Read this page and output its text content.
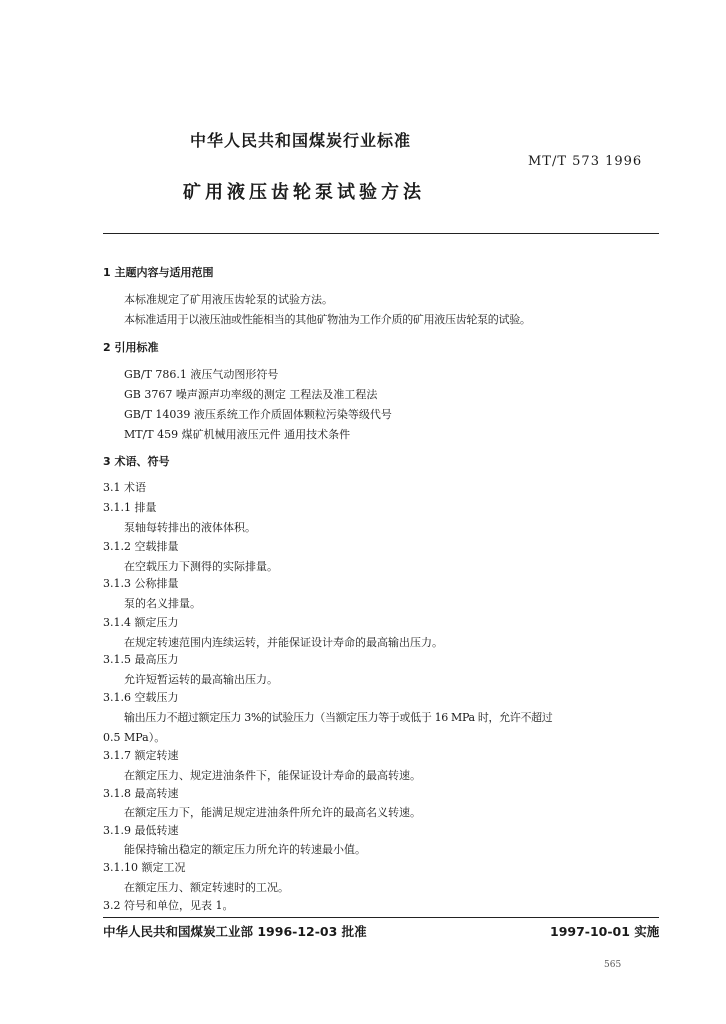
中华人民共和国煤炭行业标准
MT/T 573 1996
矿用液压齿轮泵试验方法
1 主题内容与适用范围
本标准规定了矿用液压齿轮泵的试验方法。
本标准适用于以液压油或性能相当的其他矿物油为工作介质的矿用液压齿轮泵的试验。
2 引用标准
GB/T 786.1 液压气动图形符号
GB 3767 噪声源声功率级的测定 工程法及准工程法
GB/T 14039 液压系统工作介质固体颗粒污染等级代号
MT/T 459 煤矿机械用液压元件 通用技术条件
3 术语、符号
3.1 术语
3.1.1 排量
泵轴每转排出的液体体积。
3.1.2 空载排量
在空载压力下测得的实际排量。
3.1.3 公称排量
泵的名义排量。
3.1.4 额定压力
在规定转速范围内连续运转，并能保证设计寿命的最高输出压力。
3.1.5 最高压力
允许短暂运转的最高输出压力。
3.1.6 空载压力
输出压力不超过额定压力 3%的试验压力（当额定压力等于或低于 16 MPa 时，允许不超过
0.5 MPa）。
3.1.7 额定转速
在额定压力、规定进油条件下，能保证设计寿命的最高转速。
3.1.8 最高转速
在额定压力下，能满足规定进油条件所允许的最高名义转速。
3.1.9 最低转速
能保持输出稳定的额定压力所允许的转速最小值。
3.1.10 额定工况
在额定压力、额定转速时的工况。
3.2 符号和单位，见表 1。
中华人民共和国煤炭工业部 1996-12-03 批准	1997-10-01 实施
565
